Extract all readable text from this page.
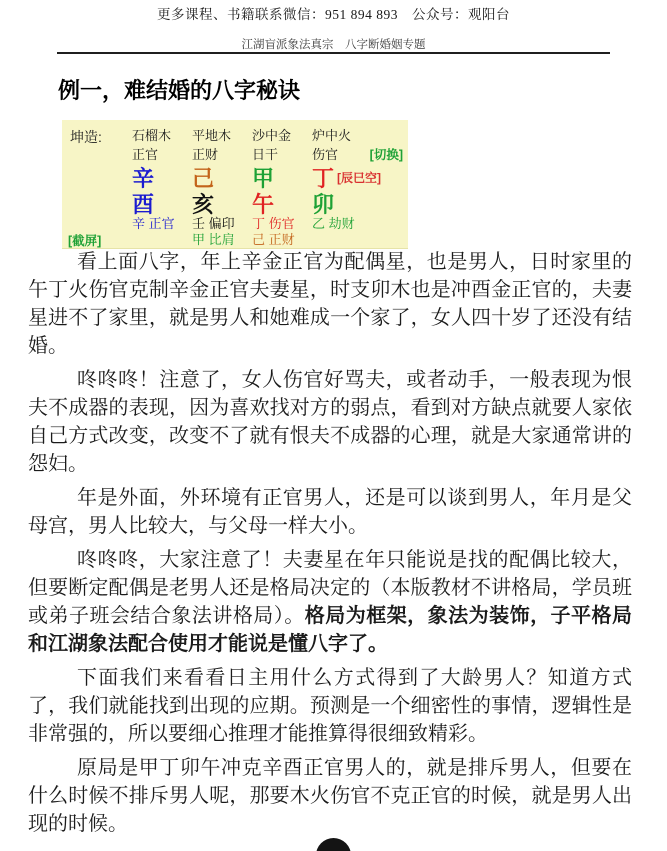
更多课程、书籍联系微信：951 894 893　公众号：观阳台
江湖盲派象法真宗　八字断婚姻专题
例一，难结婚的八字秘诀
坤造: 石榴木
正官
辛
酉
辛 正官
平地木
正财
己
亥
壬 偏印
甲 比肩
沙中金
日干
甲
午
丁 伤官
己 正财
炉中火
伤官
丁 [辰巳空]
卯
乙 劫财
[切换]
[截屏]

看上面八字，年上辛金正官为配偶星，也是男人，日时家里的午丁火伤官克制辛金正官夫妻星，时支卯木也是冲酉金正官的，夫妻星进不了家里，就是男人和她难成一个家了，女人四十岁了还没有结婚。

咚咚咚！注意了，女人伤官好骂夫，或者动手，一般表现为恨夫不成器的表现，因为喜欢找对方的弱点，看到对方缺点就要人家依自己方式改变，改变不了就有恨夫不成器的心理，就是大家通常讲的怨妇。

年是外面，外环境有正官男人，还是可以谈到男人，年月是父母宫，男人比较大，与父母一样大小。

咚咚咚，大家注意了！夫妻星在年只能说是找的配偶比较大，但要断定配偶是老男人还是格局决定的（本版教材不讲格局，学员班或弟子班会结合象法讲格局）。格局为框架，象法为装饰，子平格局和江湖象法配合使用才能说是懂八字了。

下面我们来看看日主用什么方式得到了大龄男人？知道方式了，我们就能找到出现的应期。预测是一个细密性的事情，逻辑性是非常强的，所以要细心推理才能推算得很细致精彩。

原局是甲丁卯午冲克辛酉正官男人的，就是排斥男人，但要在什么时候不排斥男人呢，那要木火伤官不克正官的时候，就是男人出现的时候。
